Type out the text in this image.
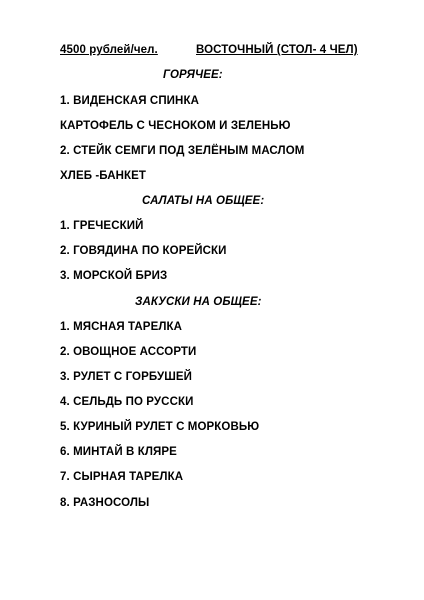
4500 рублей/чел.	ВОСТОЧНЫЙ (СТОЛ- 4 ЧЕЛ)
ГОРЯЧЕЕ:
1. ВИДЕНСКАЯ СПИНКА
КАРТОФЕЛЬ С ЧЕСНОКОМ И ЗЕЛЕНЬЮ
2. СТЕЙК СЕМГИ ПОД ЗЕЛЁНЫМ МАСЛОМ
ХЛЕБ -БАНКЕТ
САЛАТЫ НА ОБЩЕЕ:
1. ГРЕЧЕСКИЙ
2. ГОВЯДИНА ПО КОРЕЙСКИ
3. МОРСКОЙ БРИЗ
ЗАКУСКИ НА ОБЩЕЕ:
1. МЯСНАЯ ТАРЕЛКА
2. ОВОЩНОЕ АССОРТИ
3. РУЛЕТ С ГОРБУШЕЙ
4. СЕЛЬДЬ ПО РУССКИ
5. КУРИНЫЙ РУЛЕТ С МОРКОВЬЮ
6. МИНТАЙ В КЛЯРЕ
7. СЫРНАЯ ТАРЕЛКА
8. РАЗНОСОЛЫ
